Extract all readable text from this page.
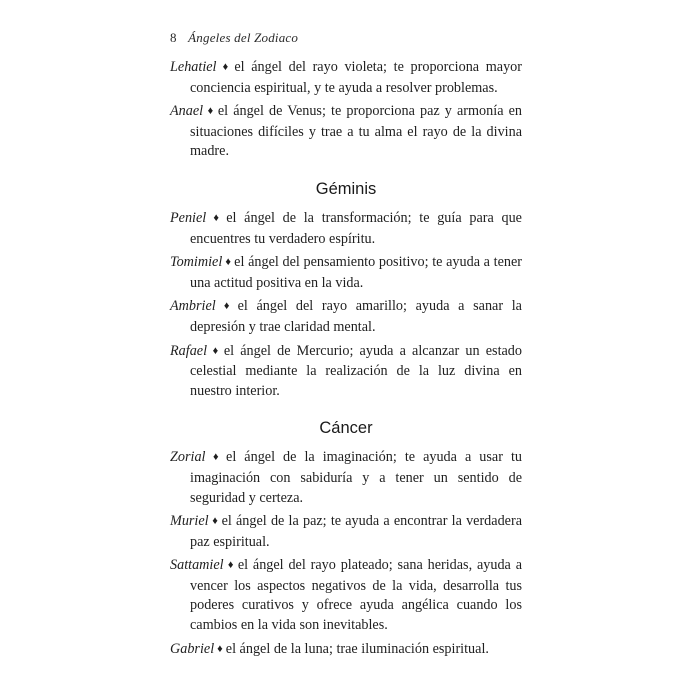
8 Ángeles del Zodiaco

Lehatiel ♦ el ángel del rayo violeta; te proporciona mayor conciencia espiritual, y te ayuda a resolver problemas.

Anael ♦ el ángel de Venus; te proporciona paz y armonía en situaciones difíciles y trae a tu alma el rayo de la divina madre.

Géminis

Peniel ♦ el ángel de la transformación; te guía para que encuentres tu verdadero espíritu.

Tomimiel ♦ el ángel del pensamiento positivo; te ayuda a tener una actitud positiva en la vida.

Ambriel ♦ el ángel del rayo amarillo; ayuda a sanar la depresión y trae claridad mental.

Rafael ♦ el ángel de Mercurio; ayuda a alcanzar un estado celestial mediante la realización de la luz divina en nuestro interior.

Cáncer

Zorial ♦ el ángel de la imaginación; te ayuda a usar tu imaginación con sabiduría y a tener un sentido de seguridad y certeza.

Muriel ♦ el ángel de la paz; te ayuda a encontrar la verdadera paz espiritual.

Sattamiel ♦ el ángel del rayo plateado; sana heridas, ayuda a vencer los aspectos negativos de la vida, desarrolla tus poderes curativos y ofrece ayuda angélica cuando los cambios en la vida son inevitables.

Gabriel ♦ el ángel de la luna; trae iluminación espiritual.
